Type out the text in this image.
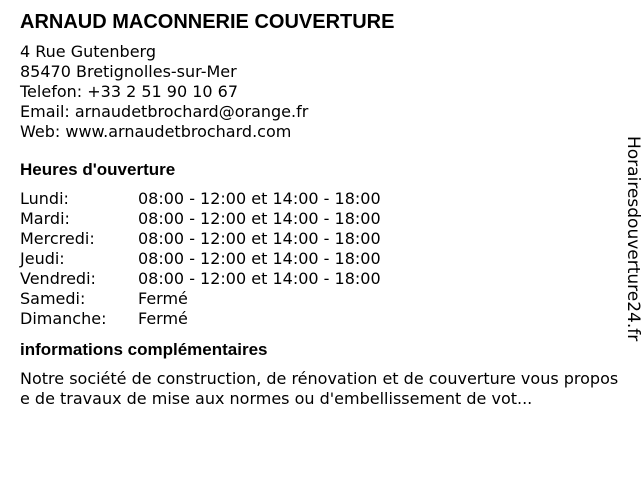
ARNAUD MACONNERIE COUVERTURE
4 Rue Gutenberg
85470 Bretignolles-sur-Mer
Telefon: +33 2 51 90 10 67
Email: arnaudetbrochard@orange.fr
Web: www.arnaudetbrochard.com
Heures d'ouverture
Lundi:	08:00 - 12:00 et 14:00 - 18:00
Mardi:	08:00 - 12:00 et 14:00 - 18:00
Mercredi:	08:00 - 12:00 et 14:00 - 18:00
Jeudi:	08:00 - 12:00 et 14:00 - 18:00
Vendredi:	08:00 - 12:00 et 14:00 - 18:00
Samedi:	Fermé
Dimanche:	Fermé
informations complémentaires
Notre société de construction, de rénovation et de couverture vous propose de travaux de mise aux normes ou d'embellissement de vot...
Horairesdouverture24.fr
